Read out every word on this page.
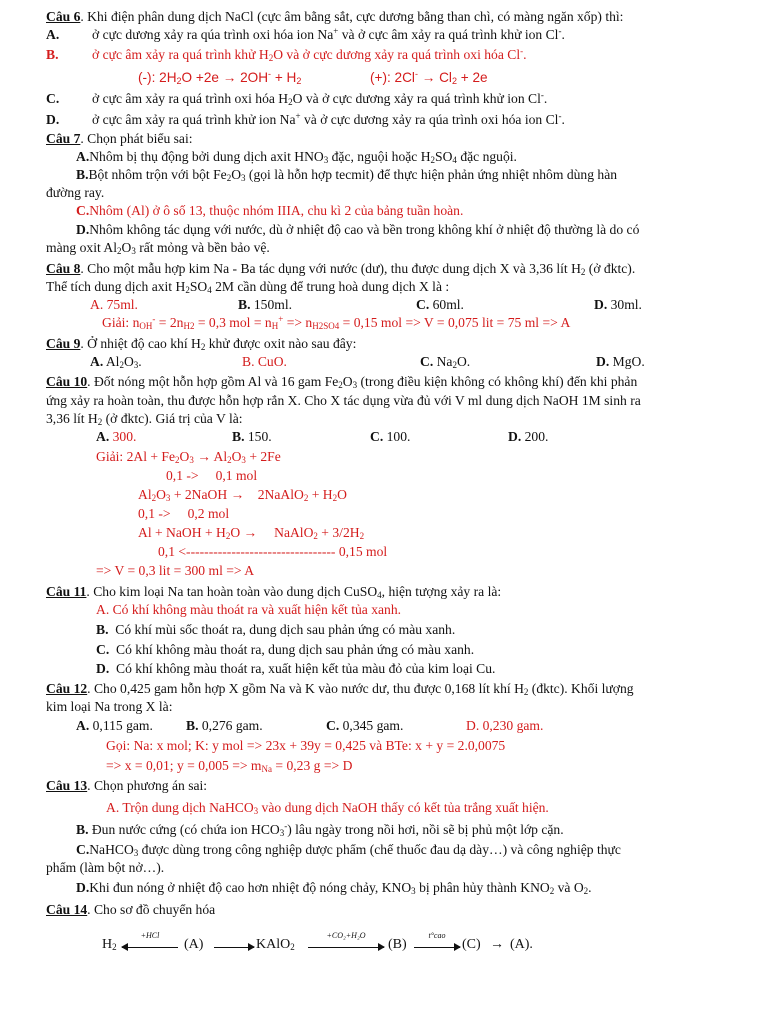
Câu 6. Khi điện phân dung dịch NaCl (cực âm bằng sắt, cực dương bằng than chì, có màng ngăn xốp) thì:
A. ở cực dương xảy ra qúa trình oxi hóa ion Na+ và ở cực âm xảy ra quá trình khử ion Cl-.
B. ở cực âm xảy ra quá trình khử $H_2O$ và ở cực dương xảy ra quá trình oxi hóa Cl-.
(-): $2H_2O +2e \to 2OH^- + H_2$	(+): $2Cl^- \to Cl_2 + 2e$
C. ở cực âm xảy ra quá trình oxi hóa $H_2O$ và ở cực dương xảy ra quá trình khử ion Cl-.
D. ở cực âm xảy ra quá trình khử ion Na+ và ở cực dương xảy ra qúa trình oxi hóa ion Cl-.
Câu 7. Chọn phát biểu sai:
A.Nhôm bị thụ động bởi dung dịch axit $HNO_3$ đặc, nguội hoặc $H_2SO_4$ đặc nguội.
B.Bột nhôm trộn với bột $Fe_2O_3$ (gọi là hỗn hợp tecmit) để thực hiện phản ứng nhiệt nhôm dùng hàn
đường ray.
C.Nhôm (Al) ở ô số 13, thuộc nhóm IIIA, chu kì 2 của bảng tuần hoàn.
D.Nhôm không tác dụng với nước, dù ở nhiệt độ cao và bền trong không khí ở nhiệt độ thường là do có
màng oxit $Al_2O_3$ rất mỏng và bền bảo vệ.
Câu 8. Cho một mẫu hợp kim Na - Ba tác dụng với nước (dư), thu được dung dịch X và 3,36 lít $H_2$ (ở đktc).
Thể tích dung dịch axit $H_2SO_4$ 2M cần dùng để trung hoà dung dịch X là :
A. 75ml.	B. 150ml.	C. 60ml.	D. 30ml.
Giải: $n_{OH}^- = 2n_{H2} = 0,3$ mol = $n_H^+ => n_{H2SO4} = 0,15$ mol => V = 0,075 lit = 75 ml => A
Câu 9. Ở nhiệt độ cao khí $H_2$ khử được oxit nào sau đây:
A. $Al_2O_3$.	B. CuO.	C. $Na_2O$.	D. MgO.
Câu 10. Đốt nóng một hỗn hợp gồm Al và 16 gam $Fe_2O_3$ (trong điều kiện không có không khí) đến khi phản
ứng xảy ra hoàn toàn, thu được hỗn hợp rắn X. Cho X tác dụng vừa đủ với V ml dung dịch NaOH 1M sinh ra
3,36 lít $H_2$ (ở đktc). Giá trị của V là:
A. 300.	B. 150.	C. 100.	D. 200.
Giải: $2Al + Fe_2O_3 \to Al_2O_3 + 2Fe$
0,1 ->     0,1 mol
$Al_2O_3$ + 2NaOH →    2NaAlO$_2$ + $H_2O$
0,1 ->     0,2 mol
Al + NaOH + $H_2O$ →     NaAlO$_2$ + $3/2H_2$
0,1 <--------------------------------- 0,15 mol
=> V = 0,3 lit = 300 ml => A
Câu 11. Cho kim loại Na tan hoàn toàn vào dung dịch CuSO$_4$, hiện tượng xảy ra là:
A. Có khí không màu thoát ra và xuất hiện kết tủa xanh.
B.  Có khí mùi sốc thoát ra, dung dịch sau phản ứng có màu xanh.
C.  Có khí không màu thoát ra, dung dịch sau phản ứng có màu xanh.
D.  Có khí không màu thoát ra, xuất hiện kết tủa màu đỏ của kim loại Cu.
Câu 12. Cho 0,425 gam hỗn hợp X gồm Na và K vào nước dư, thu được 0,168 lít khí $H_2$ (đktc). Khối lượng
kim loại Na trong X là:
A. 0,115 gam. B. 0,276 gam.	C. 0,345 gam.	D. 0,230 gam.
Gọi: Na: x mol; K: y mol => 23x + 39y = 0,425 và BTe: x + y = 2.0,0075
=> x = 0,01; $y = 0,005 => m_{Na} = 0,23$ g => D
Câu 13. Chọn phương án sai:
A. Trộn dung dịch NaHCO$_3$ vào dung dịch NaOH thấy có kết tủa trắng xuất hiện.
B. Đun nước cứng (có chứa ion $HCO_3^-$) lâu ngày trong nồi hơi, nồi sẽ bị phủ một lớp cặn.
C.NaHCO$_3$ được dùng trong công nghiệp dược phẩm (chế thuốc đau dạ dày…) và công nghiệp thực
phẩm (làm bột nở…).
D.Khi đun nóng ở nhiệt độ cao hơn nhiệt độ nóng chảy, $KNO_3$ bị phân hủy thành $KNO_2$ và $O_2$.
Câu 14. Cho sơ đồ chuyển hóa
$H_2$
+HCl
(A)	KAlO$_2$
+CO₂+H₂O
(B)
t°cao
(C) → (A).
